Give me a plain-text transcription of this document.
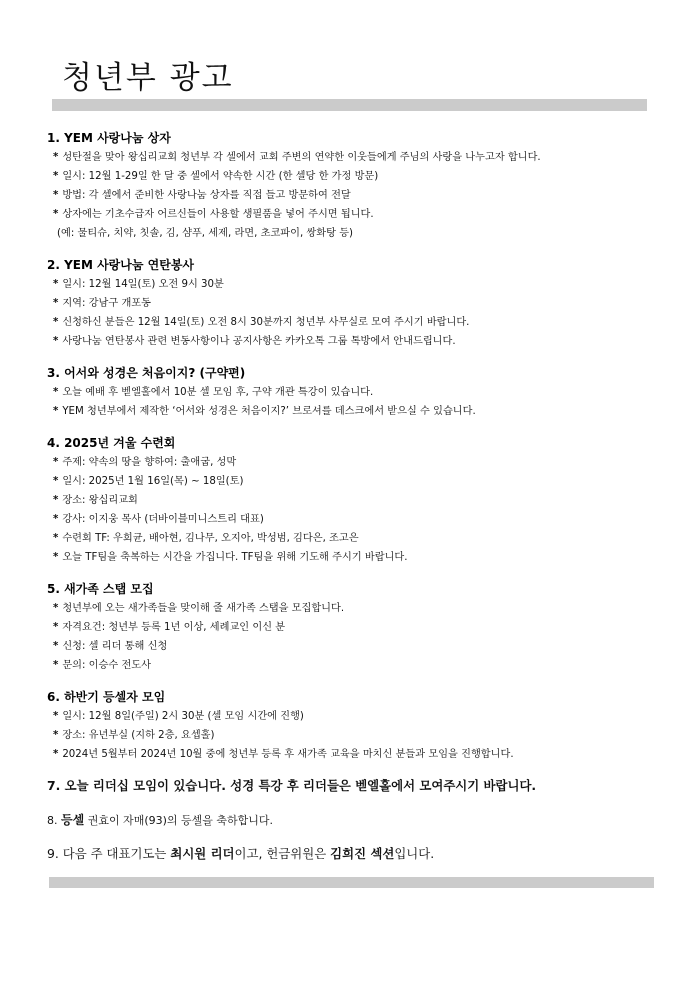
청년부 광고
1. YEM 사랑나눔 상자
* 성탄절을 맞아 왕십리교회 청년부 각 셀에서 교회 주변의 연약한 이웃들에게 주님의 사랑을 나누고자 합니다.
* 일시: 12월 1-29일 한 달 중 셀에서 약속한 시간 (한 셀당 한 가정 방문)
* 방법: 각 셀에서 준비한 사랑나눔 상자를 직접 들고 방문하여 전달
* 상자에는 기초수급자 어르신들이 사용할 생필품을 넣어 주시면 됩니다.
(예: 물티슈, 치약, 칫솔, 김, 샴푸, 세제, 라면, 초코파이, 쌍화탕 등)
2. YEM 사랑나눔 연탄봉사
* 일시: 12월 14일(토) 오전 9시 30분
* 지역: 강남구 개포동
* 신청하신 분들은 12월 14일(토) 오전 8시 30분까지 청년부 사무실로 모여 주시기 바랍니다.
* 사랑나눔 연탄봉사 관련 변동사항이나 공지사항은 카카오톡 그룹 톡방에서 안내드립니다.
3. 어서와 성경은 처음이지? (구약편)
* 오늘 예배 후 벧엘홀에서 10분 셀 모임 후, 구약 개관 특강이 있습니다.
* YEM 청년부에서 제작한 ‘어서와 성경은 처음이지?’ 브로셔를 데스크에서 받으실 수 있습니다.
4. 2025년 겨울 수련회
* 주제: 약속의 땅을 향하여: 출애굽, 성막
* 일시: 2025년 1월 16일(목) ~ 18일(토)
* 장소: 왕십리교회
* 강사: 이지웅 목사 (더바이블미니스트리 대표)
* 수련회 TF: 우희균, 배아현, 김나무, 오지아, 박성범, 김다은, 조고은
* 오늘 TF팀을 축복하는 시간을 가집니다. TF팀을 위해 기도해 주시기 바랍니다.
5. 새가족 스탭 모집
* 청년부에 오는 새가족들을 맞이해 줄 새가족 스탭을 모집합니다.
* 자격요건: 청년부 등록 1년 이상, 세례교인 이신 분
* 신청: 셀 리더 통해 신청
* 문의: 이승수 전도사
6. 하반기 등셀자 모임
* 일시: 12월 8일(주일) 2시 30분 (셀 모임 시간에 진행)
* 장소: 유년부실 (지하 2층, 요셉홀)
* 2024년 5월부터 2024년 10월 중에 청년부 등록 후 새가족 교육을 마치신 분들과 모임을 진행합니다.
7. 오늘 리더십 모임이 있습니다. 성경 특강 후 리더들은 벧엘홀에서 모여주시기 바랍니다.
8. 등셀 권효이 자매(93)의 등셀을 축하합니다.
9. 다음 주 대표기도는 최시원 리더이고, 헌금위원은 김희진 섹션입니다.
